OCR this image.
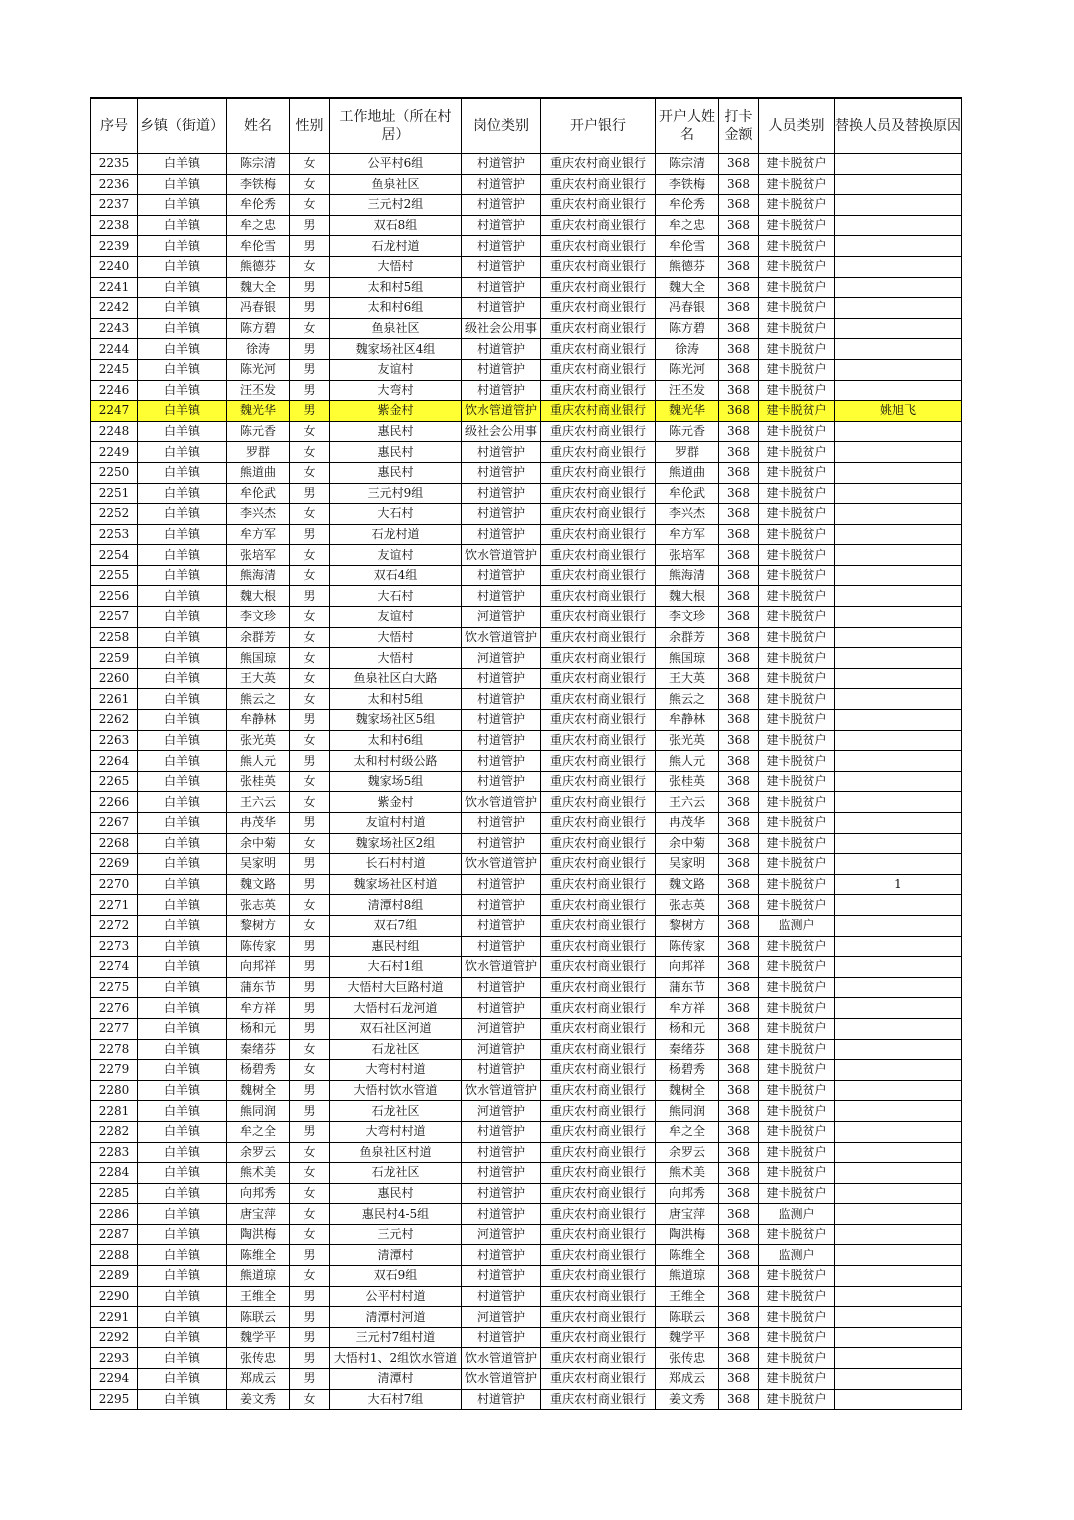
序号	乡镇（街道）	姓名	性别	工作地址（所在村居）	岗位类别	开户银行	开户人姓名	打卡金额	人员类别	替换人员及替换原因
2235	白羊镇	陈宗清	女	公平村6组	村道管护	重庆农村商业银行	陈宗清	368	建卡脱贫户	
2236	白羊镇	李铁梅	女	鱼泉社区	村道管护	重庆农村商业银行	李铁梅	368	建卡脱贫户	
2237	白羊镇	牟伦秀	女	三元村2组	村道管护	重庆农村商业银行	牟伦秀	368	建卡脱贫户	
2238	白羊镇	牟之忠	男	双石8组	村道管护	重庆农村商业银行	牟之忠	368	建卡脱贫户	
2239	白羊镇	牟伦雪	男	石龙村道	村道管护	重庆农村商业银行	牟伦雪	368	建卡脱贫户	
2240	白羊镇	熊德芬	女	大悟村	村道管护	重庆农村商业银行	熊德芬	368	建卡脱贫户	
2241	白羊镇	魏大全	男	太和村5组	村道管护	重庆农村商业银行	魏大全	368	建卡脱贫户	
2242	白羊镇	冯春银	男	太和村6组	村道管护	重庆农村商业银行	冯春银	368	建卡脱贫户	
2243	白羊镇	陈方碧	女	鱼泉社区	级社会公用事	重庆农村商业银行	陈方碧	368	建卡脱贫户	
2244	白羊镇	徐涛	男	魏家场社区4组	村道管护	重庆农村商业银行	徐涛	368	建卡脱贫户	
2245	白羊镇	陈光河	男	友谊村	村道管护	重庆农村商业银行	陈光河	368	建卡脱贫户	
2246	白羊镇	汪丕发	男	大弯村	村道管护	重庆农村商业银行	汪丕发	368	建卡脱贫户	
2247	白羊镇	魏光华	男	紫金村	饮水管道管护	重庆农村商业银行	魏光华	368	建卡脱贫户	姚旭飞
2248	白羊镇	陈元香	女	惠民村	级社会公用事	重庆农村商业银行	陈元香	368	建卡脱贫户	
2249	白羊镇	罗群	女	惠民村	村道管护	重庆农村商业银行	罗群	368	建卡脱贫户	
2250	白羊镇	熊道曲	女	惠民村	村道管护	重庆农村商业银行	熊道曲	368	建卡脱贫户	
2251	白羊镇	牟伦武	男	三元村9组	村道管护	重庆农村商业银行	牟伦武	368	建卡脱贫户	
2252	白羊镇	李兴杰	女	大石村	村道管护	重庆农村商业银行	李兴杰	368	建卡脱贫户	
2253	白羊镇	牟方军	男	石龙村道	村道管护	重庆农村商业银行	牟方军	368	建卡脱贫户	
2254	白羊镇	张培军	女	友谊村	饮水管道管护	重庆农村商业银行	张培军	368	建卡脱贫户	
2255	白羊镇	熊海清	女	双石4组	村道管护	重庆农村商业银行	熊海清	368	建卡脱贫户	
2256	白羊镇	魏大根	男	大石村	村道管护	重庆农村商业银行	魏大根	368	建卡脱贫户	
2257	白羊镇	李文珍	女	友谊村	河道管护	重庆农村商业银行	李文珍	368	建卡脱贫户	
2258	白羊镇	余群芳	女	大悟村	饮水管道管护	重庆农村商业银行	余群芳	368	建卡脱贫户	
2259	白羊镇	熊国琼	女	大悟村	河道管护	重庆农村商业银行	熊国琼	368	建卡脱贫户	
2260	白羊镇	王大英	女	鱼泉社区白大路	村道管护	重庆农村商业银行	王大英	368	建卡脱贫户	
2261	白羊镇	熊云之	女	太和村5组	村道管护	重庆农村商业银行	熊云之	368	建卡脱贫户	
2262	白羊镇	牟静林	男	魏家场社区5组	村道管护	重庆农村商业银行	牟静林	368	建卡脱贫户	
2263	白羊镇	张光英	女	太和村6组	村道管护	重庆农村商业银行	张光英	368	建卡脱贫户	
2264	白羊镇	熊人元	男	太和村村级公路	村道管护	重庆农村商业银行	熊人元	368	建卡脱贫户	
2265	白羊镇	张桂英	女	魏家场5组	村道管护	重庆农村商业银行	张桂英	368	建卡脱贫户	
2266	白羊镇	王六云	女	紫金村	饮水管道管护	重庆农村商业银行	王六云	368	建卡脱贫户	
2267	白羊镇	冉茂华	男	友谊村村道	村道管护	重庆农村商业银行	冉茂华	368	建卡脱贫户	
2268	白羊镇	余中菊	女	魏家场社区2组	村道管护	重庆农村商业银行	余中菊	368	建卡脱贫户	
2269	白羊镇	吴家明	男	长石村村道	饮水管道管护	重庆农村商业银行	吴家明	368	建卡脱贫户	
2270	白羊镇	魏文路	男	魏家场社区村道	村道管护	重庆农村商业银行	魏文路	368	建卡脱贫户	1
2271	白羊镇	张志英	女	清潭村8组	村道管护	重庆农村商业银行	张志英	368	建卡脱贫户	
2272	白羊镇	黎树方	女	双石7组	村道管护	重庆农村商业银行	黎树方	368	监测户	
2273	白羊镇	陈传家	男	惠民村组	村道管护	重庆农村商业银行	陈传家	368	建卡脱贫户	
2274	白羊镇	向邦祥	男	大石村1组	饮水管道管护	重庆农村商业银行	向邦祥	368	建卡脱贫户	
2275	白羊镇	蒲东节	男	大悟村大巨路村道	村道管护	重庆农村商业银行	蒲东节	368	建卡脱贫户	
2276	白羊镇	牟方祥	男	大悟村石龙河道	村道管护	重庆农村商业银行	牟方祥	368	建卡脱贫户	
2277	白羊镇	杨和元	男	双石社区河道	河道管护	重庆农村商业银行	杨和元	368	建卡脱贫户	
2278	白羊镇	秦绪芬	女	石龙社区	河道管护	重庆农村商业银行	秦绪芬	368	建卡脱贫户	
2279	白羊镇	杨碧秀	女	大弯村村道	村道管护	重庆农村商业银行	杨碧秀	368	建卡脱贫户	
2280	白羊镇	魏树全	男	大悟村饮水管道	饮水管道管护	重庆农村商业银行	魏树全	368	建卡脱贫户	
2281	白羊镇	熊同润	男	石龙社区	河道管护	重庆农村商业银行	熊同润	368	建卡脱贫户	
2282	白羊镇	牟之全	男	大弯村村道	村道管护	重庆农村商业银行	牟之全	368	建卡脱贫户	
2283	白羊镇	余罗云	女	鱼泉社区村道	村道管护	重庆农村商业银行	余罗云	368	建卡脱贫户	
2284	白羊镇	熊术美	女	石龙社区	村道管护	重庆农村商业银行	熊术美	368	建卡脱贫户	
2285	白羊镇	向邦秀	女	惠民村	村道管护	重庆农村商业银行	向邦秀	368	建卡脱贫户	
2286	白羊镇	唐宝萍	女	惠民村4-5组	村道管护	重庆农村商业银行	唐宝萍	368	监测户	
2287	白羊镇	陶洪梅	女	三元村	河道管护	重庆农村商业银行	陶洪梅	368	建卡脱贫户	
2288	白羊镇	陈维全	男	清潭村	村道管护	重庆农村商业银行	陈维全	368	监测户	
2289	白羊镇	熊道琼	女	双石9组	村道管护	重庆农村商业银行	熊道琼	368	建卡脱贫户	
2290	白羊镇	王维全	男	公平村村道	村道管护	重庆农村商业银行	王维全	368	建卡脱贫户	
2291	白羊镇	陈联云	男	清潭村河道	河道管护	重庆农村商业银行	陈联云	368	建卡脱贫户	
2292	白羊镇	魏学平	男	三元村7组村道	村道管护	重庆农村商业银行	魏学平	368	建卡脱贫户	
2293	白羊镇	张传忠	男	大悟村1、2组饮水管道	饮水管道管护	重庆农村商业银行	张传忠	368	建卡脱贫户	
2294	白羊镇	郑成云	男	清潭村	饮水管道管护	重庆农村商业银行	郑成云	368	建卡脱贫户	
2295	白羊镇	姜文秀	女	大石村7组	村道管护	重庆农村商业银行	姜文秀	368	建卡脱贫户	
